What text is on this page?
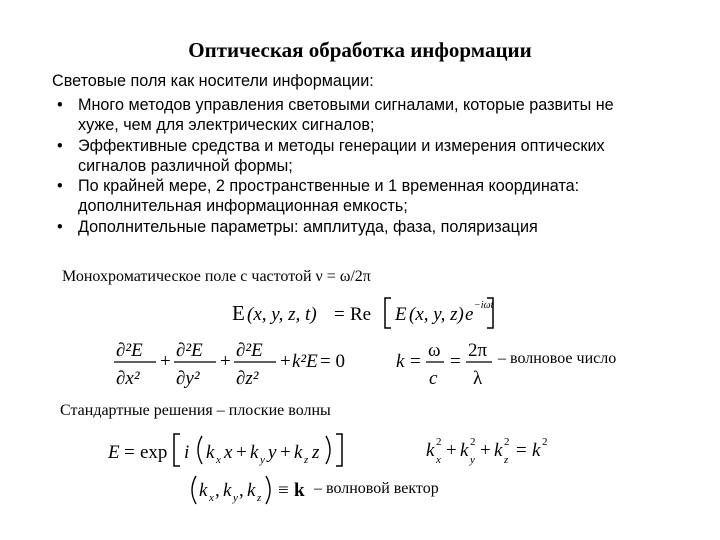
Оптическая обработка информации
Световые поля как носители информации:
• Много методов управления световыми сигналами, которые развиты не
хуже, чем для электрических сигналов;
• Эффективные средства и методы генерации и измерения оптических
сигналов различной формы;
• По крайней мере, 2 пространственные и 1 временная координата:
дополнительная информационная емкость;
• Дополнительные параметры: амплитуда, фаза, поляризация
Монохроматическое поле с частотой ν = ω/2π
E (x, y, z, t) = Re E (x, y, z) e −iωt
∂²E
∂x²
+
∂²E
∂y²
+
∂²E
∂z²
+ k²E = 0	k =
ω
c
=
2π
λ
– волновое число
Стандартные решения – плоские волны
E = exp i k x x + k y y + k z z	k 2
x + k 2
y + k 2
z = k 2
k x , k y , k z ≡ k – волновой вектор
